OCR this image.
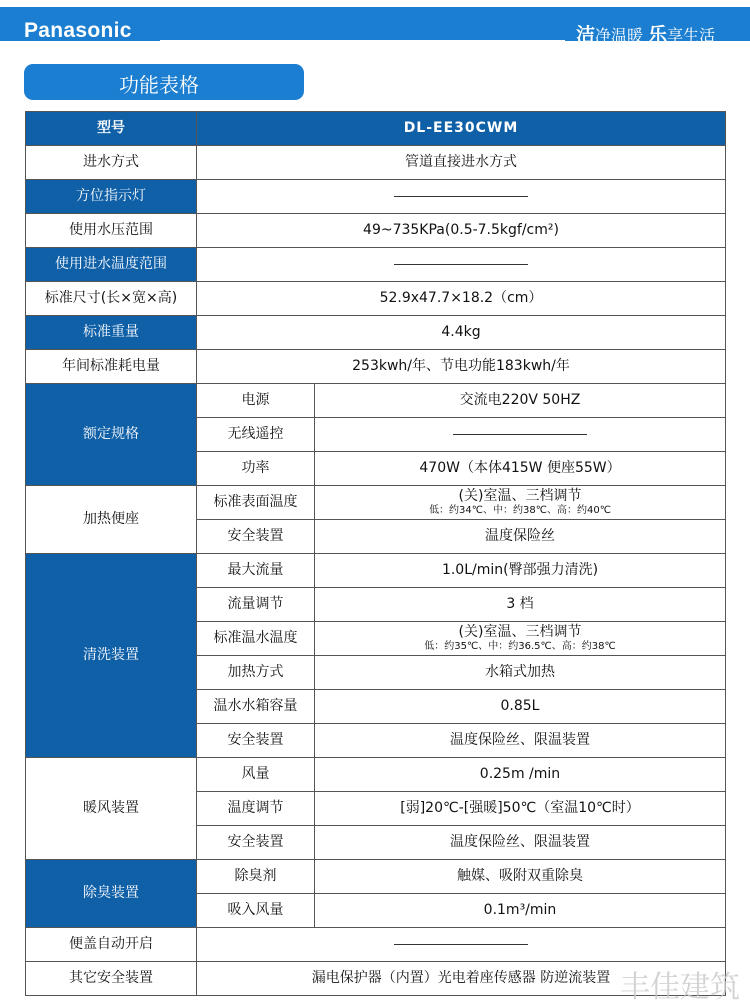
Panasonic	洁净温暖 乐享生活
功能表格
型号	DL-EE30CWM	
进水方式	管道直接进水方式	
方位指示灯		
使用水压范围	49~735KPa(0.5-7.5kgf/cm²)	
使用进水温度范围		
标准尺寸(长×宽×高)	52.9x47.7×18.2（cm）	
标准重量	4.4kg	
年间标准耗电量	253kwh/年、节电功能183kwh/年	
额定规格	电源	交流电220V 50HZ
	无线遥控	
	功率	470W（本体415W 便座55W）
加热便座	标准表面温度	(关)室温、三档调节
低：约34℃、中：约38℃、高：约40℃

	安全装置	温度保险丝
清洗装置	最大流量	1.0L/min(臀部强力清洗)
	流量调节	3 档
	标准温水温度	(关)室温、三档调节
低：约35℃、中：约36.5℃、高：约38℃

	加热方式	水箱式加热
	温水水箱容量	0.85L
	安全装置	温度保险丝、限温装置
暖风装置	风量	0.25m /min
	温度调节	[弱]20℃-[强暖]50℃（室温10℃时）
	安全装置	温度保险丝、限温装置
除臭装置	除臭剂	触媒、吸附双重除臭
	吸入风量	0.1m³/min
便盖自动开启		
其它安全装置	漏电保护器（内置）光电着座传感器 防逆流装置	丰佳建筑
